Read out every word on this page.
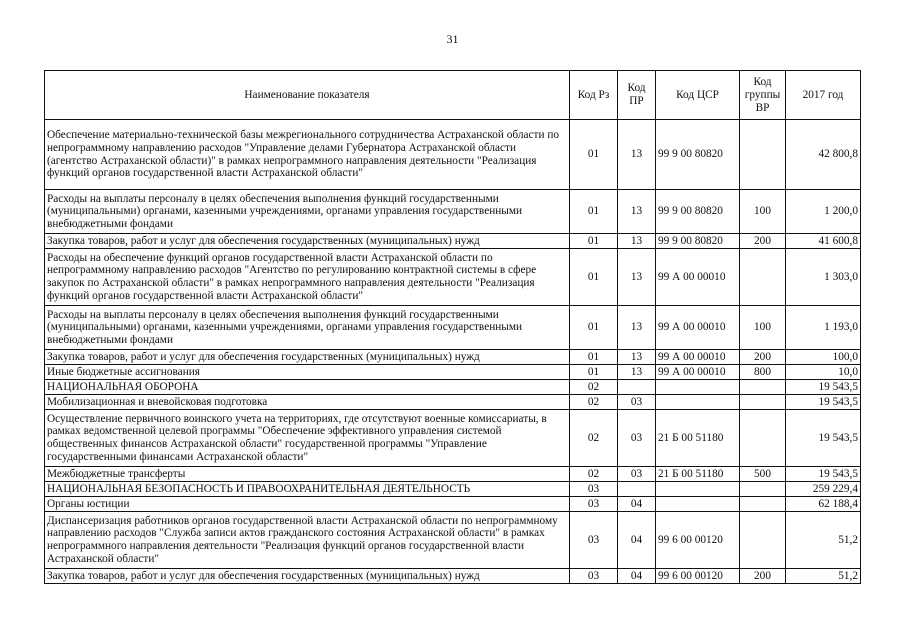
31
Наименование показателя	Код Рз	Код ПР	Код ЦСР	Код группы ВР	2017 год
Обеспечение материально-технической базы межрегионального сотрудничества Астраханской области по непрограммному направлению расходов "Управление делами Губернатора Астраханской области (агентство Астраханской области)" в рамках непрограммного направления деятельности "Реализация функций органов государственной власти Астраханской области"	01	13	99 9 00 80820		42 800,8
Расходы на выплаты персоналу в целях обеспечения выполнения функций государственными (муниципальными) органами, казенными учреждениями, органами управления государственными внебюджетными фондами	01	13	99 9 00 80820	100	1 200,0
Закупка товаров, работ и услуг для обеспечения государственных (муниципальных) нужд	01	13	99 9 00 80820	200	41 600,8
Расходы на обеспечение функций органов государственной власти Астраханской области по непрограммному направлению расходов "Агентство по регулированию контрактной системы в сфере закупок по Астраханской области" в рамках непрограммного направления деятельности "Реализация функций органов государственной власти Астраханской области"	01	13	99 А 00 00010		1 303,0
Расходы на выплаты персоналу в целях обеспечения выполнения функций государственными (муниципальными) органами, казенными учреждениями, органами управления государственными внебюджетными фондами	01	13	99 А 00 00010	100	1 193,0
Закупка товаров, работ и услуг для обеспечения государственных (муниципальных) нужд	01	13	99 А 00 00010	200	100,0
Иные бюджетные ассигнования	01	13	99 А 00 00010	800	10,0
НАЦИОНАЛЬНАЯ ОБОРОНА	02				19 543,5
Мобилизационная и вневойсковая подготовка	02	03			19 543,5
Осуществление первичного воинского учета на территориях, где отсутствуют военные комиссариаты, в рамках ведомственной целевой программы "Обеспечение эффективного управления системой общественных финансов Астраханской области" государственной программы "Управление государственными финансами Астраханской области"	02	03	21 Б 00 51180		19 543,5
Межбюджетные трансферты	02	03	21 Б 00 51180	500	19 543,5
НАЦИОНАЛЬНАЯ БЕЗОПАСНОСТЬ И ПРАВООХРАНИТЕЛЬНАЯ ДЕЯТЕЛЬНОСТЬ	03				259 229,4
Органы юстиции	03	04			62 188,4
Диспансеризация работников органов государственной власти Астраханской области по непрограммному направлению расходов "Служба записи актов гражданского состояния Астраханской области" в рамках непрограммного направления деятельности "Реализация функций органов государственной власти Астраханской области"	03	04	99 6 00 00120		51,2
Закупка товаров, работ и услуг для обеспечения государственных (муниципальных) нужд	03	04	99 6 00 00120	200	51,2
